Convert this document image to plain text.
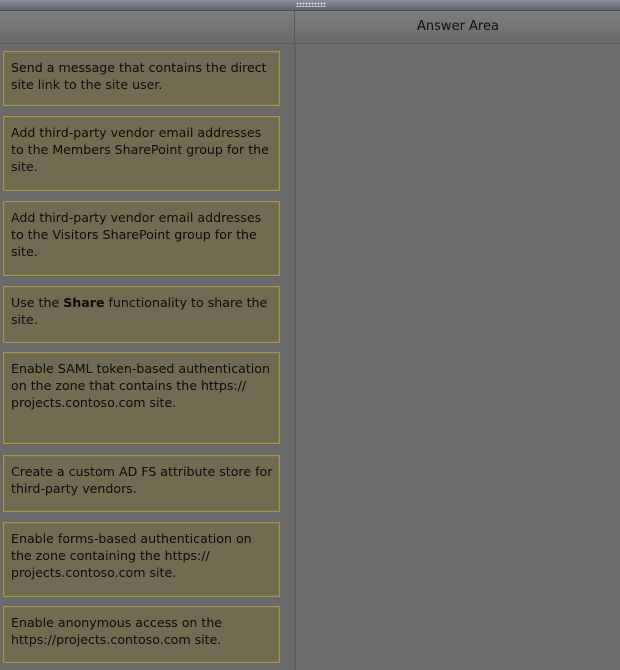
Answer Area
Send a message that contains the direct site link to the site user.
Add third-party vendor email addresses to the Members SharePoint group for the site.
Add third-party vendor email addresses to the Visitors SharePoint group for the site.
Use the Share functionality to share the site.
Enable SAML token-based authentication on the zone that contains the https:// projects.contoso.com site.
Create a custom AD FS attribute store for third-party vendors.
Enable forms-based authentication on the zone containing the https:// projects.contoso.com site.
Enable anonymous access on the https://projects.contoso.com site.
